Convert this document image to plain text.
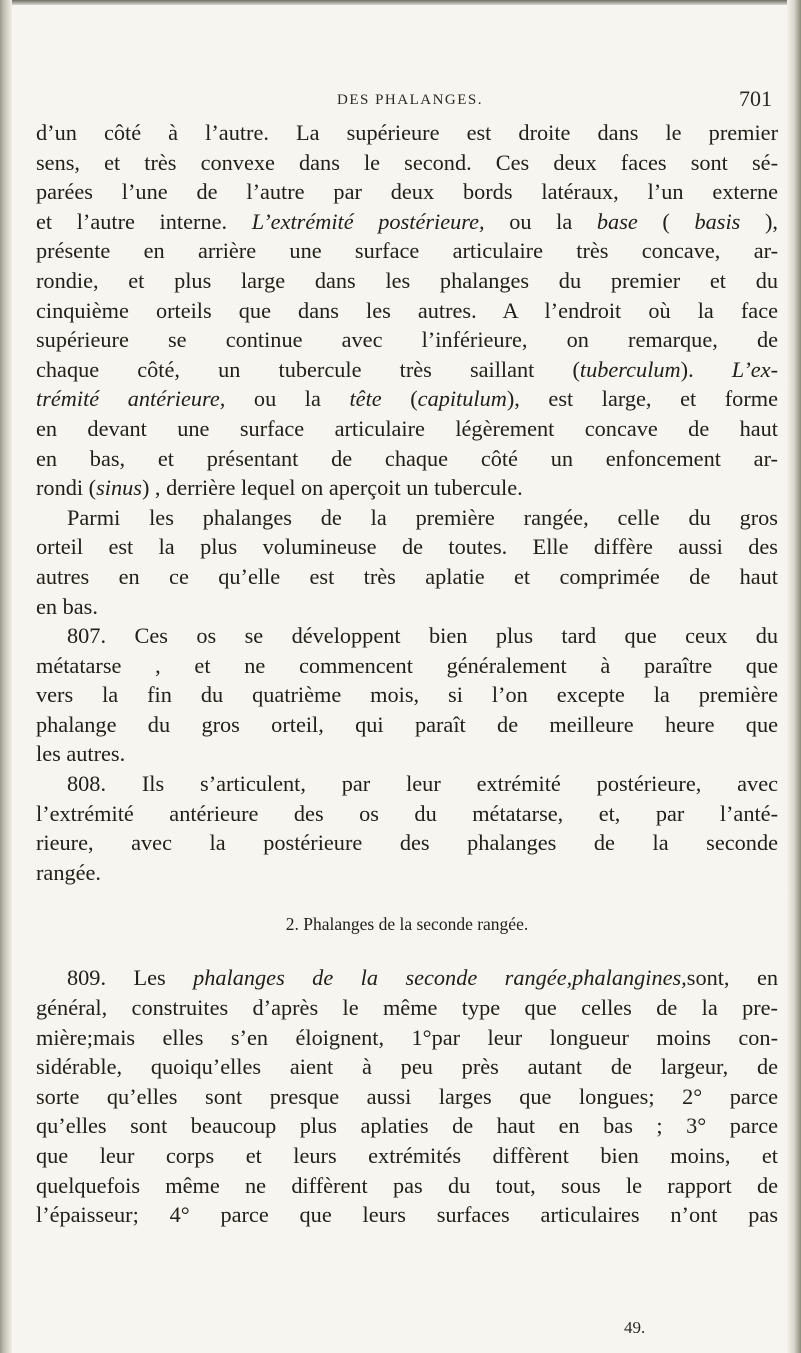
DES PHALANGES.	701

d’un côté à l’autre. La supérieure est droite dans le premier
sens, et très convexe dans le second. Ces deux faces sont sé-
parées l’une de l’autre par deux bords latéraux, l’un externe
et l’autre interne. L’extrémité postérieure, ou la base ( basis ),
présente en arrière une surface articulaire très concave, ar-
rondie, et plus large dans les phalanges du premier et du
cinquième orteils que dans les autres. A l’endroit où la face
supérieure se continue avec l’inférieure, on remarque, de
chaque côté, un tubercule très saillant (tuberculum). L’ex-
trémité antérieure, ou la tête (capitulum), est large, et forme
en devant une surface articulaire légèrement concave de haut
en bas, et présentant de chaque côté un enfoncement ar-
rondi (sinus) , derrière lequel on aperçoit un tubercule.

Parmi les phalanges de la première rangée, celle du gros
orteil est la plus volumineuse de toutes. Elle diffère aussi des
autres en ce qu’elle est très aplatie et comprimée de haut
en bas.

807. Ces os se développent bien plus tard que ceux du
métatarse , et ne commencent généralement à paraître que
vers la fin du quatrième mois, si l’on excepte la première
phalange du gros orteil, qui paraît de meilleure heure que
les autres.

808. Ils s’articulent, par leur extrémité postérieure, avec
l’extrémité antérieure des os du métatarse, et, par l’anté-
rieure, avec la postérieure des phalanges de la seconde
rangée.

2. Phalanges de la seconde rangée.

809. Les phalanges de la seconde rangée,phalangines,sont, en
général, construites d’après le même type que celles de la pre-
mière;mais elles s’en éloignent, 1°par leur longueur moins con-
sidérable, quoiqu’elles aient à peu près autant de largeur, de
sorte qu’elles sont presque aussi larges que longues; 2° parce
qu’elles sont beaucoup plus aplaties de haut en bas ; 3° parce
que leur corps et leurs extrémités diffèrent bien moins, et
quelquefois même ne diffèrent pas du tout, sous le rapport de
l’épaisseur; 4° parce que leurs surfaces articulaires n’ont pas

49.
